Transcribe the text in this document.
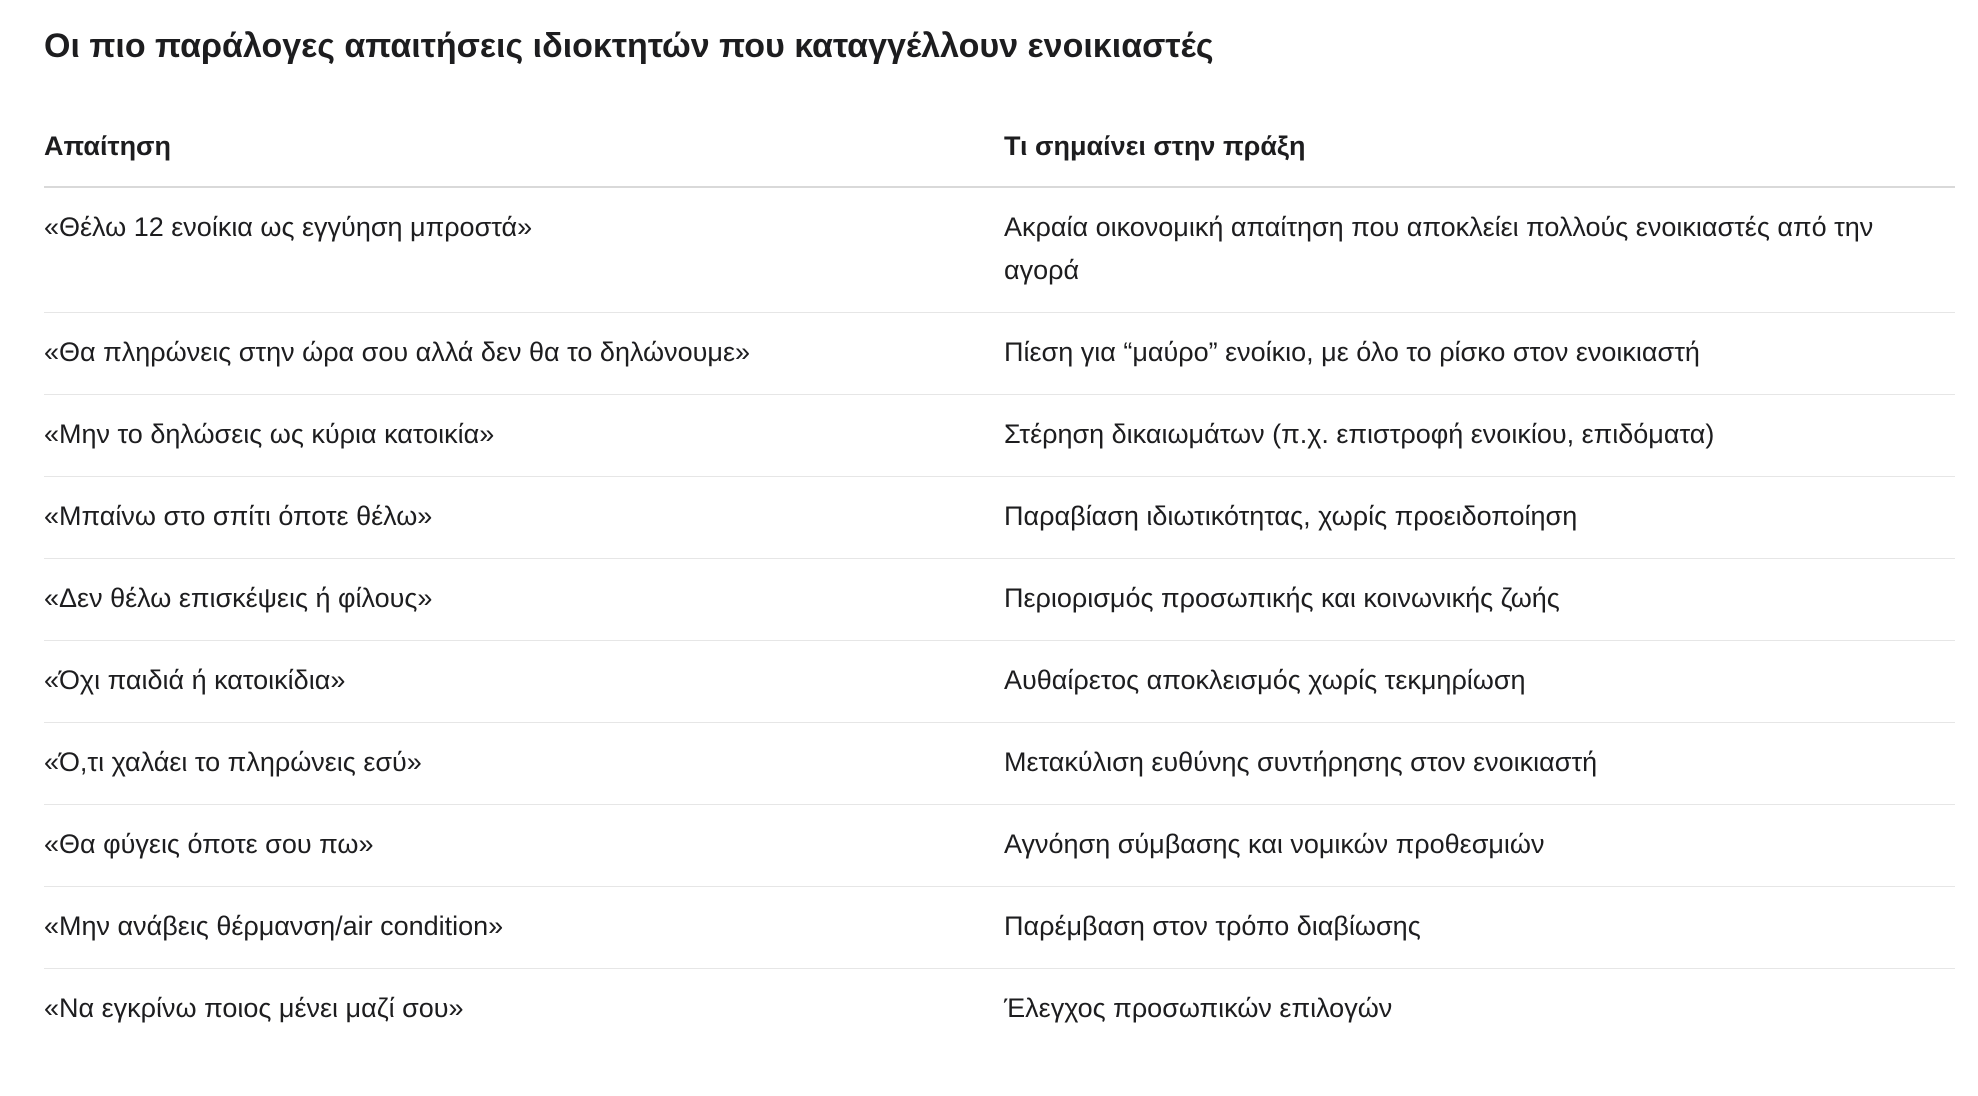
Οι πιο παράλογες απαιτήσεις ιδιοκτητών που καταγγέλλουν ενοικιαστές
Απαίτηση	Τι σημαίνει στην πράξη
«Θέλω 12 ενοίκια ως εγγύηση μπροστά»	Ακραία οικονομική απαίτηση που αποκλείει πολλούς ενοικιαστές από την αγορά
«Θα πληρώνεις στην ώρα σου αλλά δεν θα το δηλώνουμε»	Πίεση για “μαύρο” ενοίκιο, με όλο το ρίσκο στον ενοικιαστή
«Μην το δηλώσεις ως κύρια κατοικία»	Στέρηση δικαιωμάτων (π.χ. επιστροφή ενοικίου, επιδόματα)
«Μπαίνω στο σπίτι όποτε θέλω»	Παραβίαση ιδιωτικότητας, χωρίς προειδοποίηση
«Δεν θέλω επισκέψεις ή φίλους»	Περιορισμός προσωπικής και κοινωνικής ζωής
«Όχι παιδιά ή κατοικίδια»	Αυθαίρετος αποκλεισμός χωρίς τεκμηρίωση
«Ό,τι χαλάει το πληρώνεις εσύ»	Μετακύλιση ευθύνης συντήρησης στον ενοικιαστή
«Θα φύγεις όποτε σου πω»	Αγνόηση σύμβασης και νομικών προθεσμιών
«Μην ανάβεις θέρμανση/air condition»	Παρέμβαση στον τρόπο διαβίωσης
«Να εγκρίνω ποιος μένει μαζί σου»	Έλεγχος προσωπικών επιλογών
